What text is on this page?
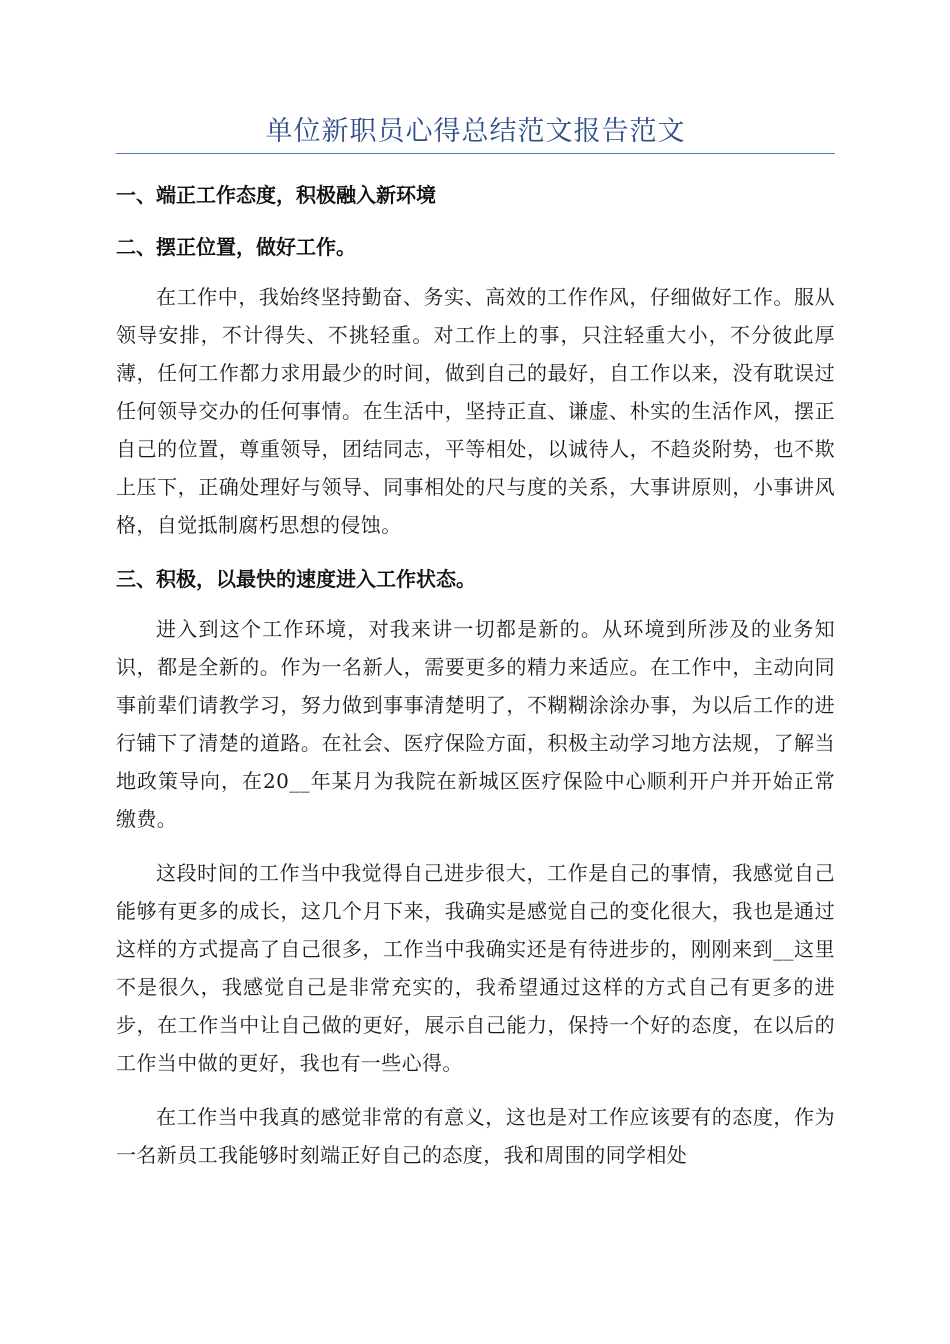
单位新职员心得总结范文报告范文

一、端正工作态度，积极融入新环境

二、摆正位置，做好工作。

在工作中，我始终坚持勤奋、务实、高效的工作作风，仔细做好工作。服从领导安排，不计得失、不挑轻重。对工作上的事，只注轻重大小，不分彼此厚薄，任何工作都力求用最少的时间，做到自己的最好，自工作以来，没有耽误过任何领导交办的任何事情。在生活中，坚持正直、谦虚、朴实的生活作风，摆正自己的位置，尊重领导，团结同志，平等相处，以诚待人，不趋炎附势，也不欺上压下，正确处理好与领导、同事相处的尺与度的关系，大事讲原则，小事讲风格，自觉抵制腐朽思想的侵蚀。

三、积极，以最快的速度进入工作状态。

进入到这个工作环境，对我来讲一切都是新的。从环境到所涉及的业务知识，都是全新的。作为一名新人，需要更多的精力来适应。在工作中，主动向同事前辈们请教学习，努力做到事事清楚明了，不糊糊涂涂办事，为以后工作的进行铺下了清楚的道路。在社会、医疗保险方面，积极主动学习地方法规，了解当地政策导向，在20__年某月为我院在新城区医疗保险中心顺利开户并开始正常缴费。

这段时间的工作当中我觉得自己进步很大，工作是自己的事情，我感觉自己能够有更多的成长，这几个月下来，我确实是感觉自己的变化很大，我也是通过这样的方式提高了自己很多，工作当中我确实还是有待进步的，刚刚来到__这里不是很久，我感觉自己是非常充实的，我希望通过这样的方式自己有更多的进步，在工作当中让自己做的更好，展示自己能力，保持一个好的态度，在以后的工作当中做的更好，我也有一些心得。

在工作当中我真的感觉非常的有意义，这也是对工作应该要有的态度，作为一名新员工我能够时刻端正好自己的态度，我和周围的同学相处
